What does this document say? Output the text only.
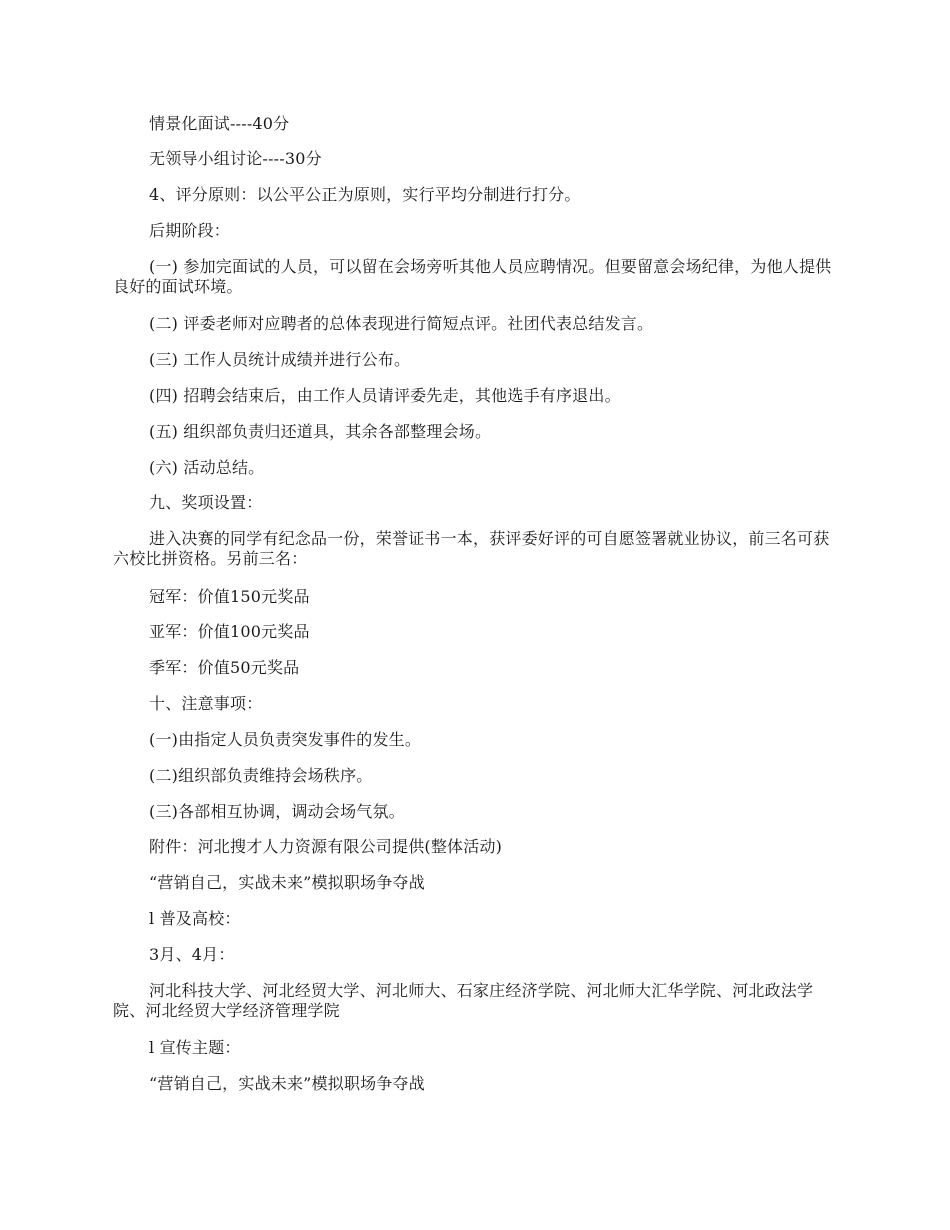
情景化面试----40分

无领导小组讨论----30分

4、评分原则：以公平公正为原则，实行平均分制进行打分。

后期阶段：

(一) 参加完面试的人员，可以留在会场旁听其他人员应聘情况。但要留意会场纪律，为他人提供良好的面试环境。

(二) 评委老师对应聘者的总体表现进行简短点评。社团代表总结发言。

(三) 工作人员统计成绩并进行公布。

(四) 招聘会结束后，由工作人员请评委先走，其他选手有序退出。

(五) 组织部负责归还道具，其余各部整理会场。

(六) 活动总结。

九、奖项设置：

进入决赛的同学有纪念品一份，荣誉证书一本，获评委好评的可自愿签署就业协议，前三名可获六校比拼资格。另前三名：

冠军：价值150元奖品

亚军：价值100元奖品

季军：价值50元奖品

十、注意事项：

(一)由指定人员负责突发事件的发生。

(二)组织部负责维持会场秩序。

(三)各部相互协调，调动会场气氛。

附件：河北搜才人力资源有限公司提供(整体活动)

“营销自己，实战未来”模拟职场争夺战

l 普及高校：

3月、4月：

河北科技大学、河北经贸大学、河北师大、石家庄经济学院、河北师大汇华学院、河北政法学院、河北经贸大学经济管理学院

l 宣传主题：

“营销自己，实战未来”模拟职场争夺战
